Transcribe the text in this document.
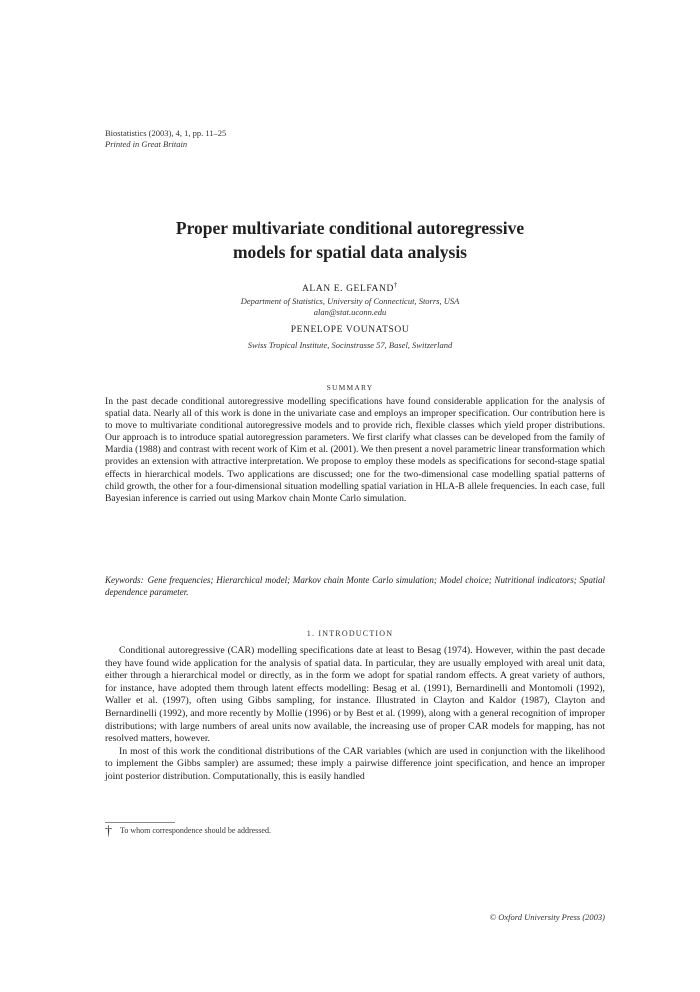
Biostatistics (2003), 4, 1, pp. 11–25
Printed in Great Britain
Proper multivariate conditional autoregressive
models for spatial data analysis
ALAN E. GELFAND†
Department of Statistics, University of Connecticut, Storrs, USA
alan@stat.uconn.edu
PENELOPE VOUNATSOU
Swiss Tropical Institute, Socinstrasse 57, Basel, Switzerland
SUMMARY

In the past decade conditional autoregressive modelling specifications have found considerable application for the analysis of spatial data. Nearly all of this work is done in the univariate case and employs an improper specification. Our contribution here is to move to multivariate conditional autoregressive models and to provide rich, flexible classes which yield proper distributions. Our approach is to introduce spatial autoregression parameters. We first clarify what classes can be developed from the family of Mardia (1988) and contrast with recent work of Kim et al. (2001). We then present a novel parametric linear transformation which provides an extension with attractive interpretation. We propose to employ these models as specifications for second-stage spatial effects in hierarchical models. Two applications are discussed; one for the two-dimensional case modelling spatial patterns of child growth, the other for a four-dimensional situation modelling spatial variation in HLA-B allele frequencies. In each case, full Bayesian inference is carried out using Markov chain Monte Carlo simulation.

Keywords: Gene frequencies; Hierarchical model; Markov chain Monte Carlo simulation; Model choice; Nutritional indicators; Spatial dependence parameter.
1. INTRODUCTION

Conditional autoregressive (CAR) modelling specifications date at least to Besag (1974). However, within the past decade they have found wide application for the analysis of spatial data. In particular, they are usually employed with areal unit data, either through a hierarchical model or directly, as in the form we adopt for spatial random effects. A great variety of authors, for instance, have adopted them through latent effects modelling: Besag et al. (1991), Bernardinelli and Montomoli (1992), Waller et al. (1997), often using Gibbs sampling, for instance. Illustrated in Clayton and Kaldor (1987), Clayton and Bernardinelli (1992), and more recently by Mollie (1996) or by Best et al. (1999), along with a general recognition of improper distributions; with large numbers of areal units now available, the increasing use of proper CAR models for mapping, has not resolved matters, however.

In most of this work the conditional distributions of the CAR variables (which are used in conjunction with the likelihood to implement the Gibbs sampler) are assumed; these imply a pairwise difference joint specification, and hence an improper joint posterior distribution. Computationally, this is easily handled

† To whom correspondence should be addressed.
© Oxford University Press (2003)
